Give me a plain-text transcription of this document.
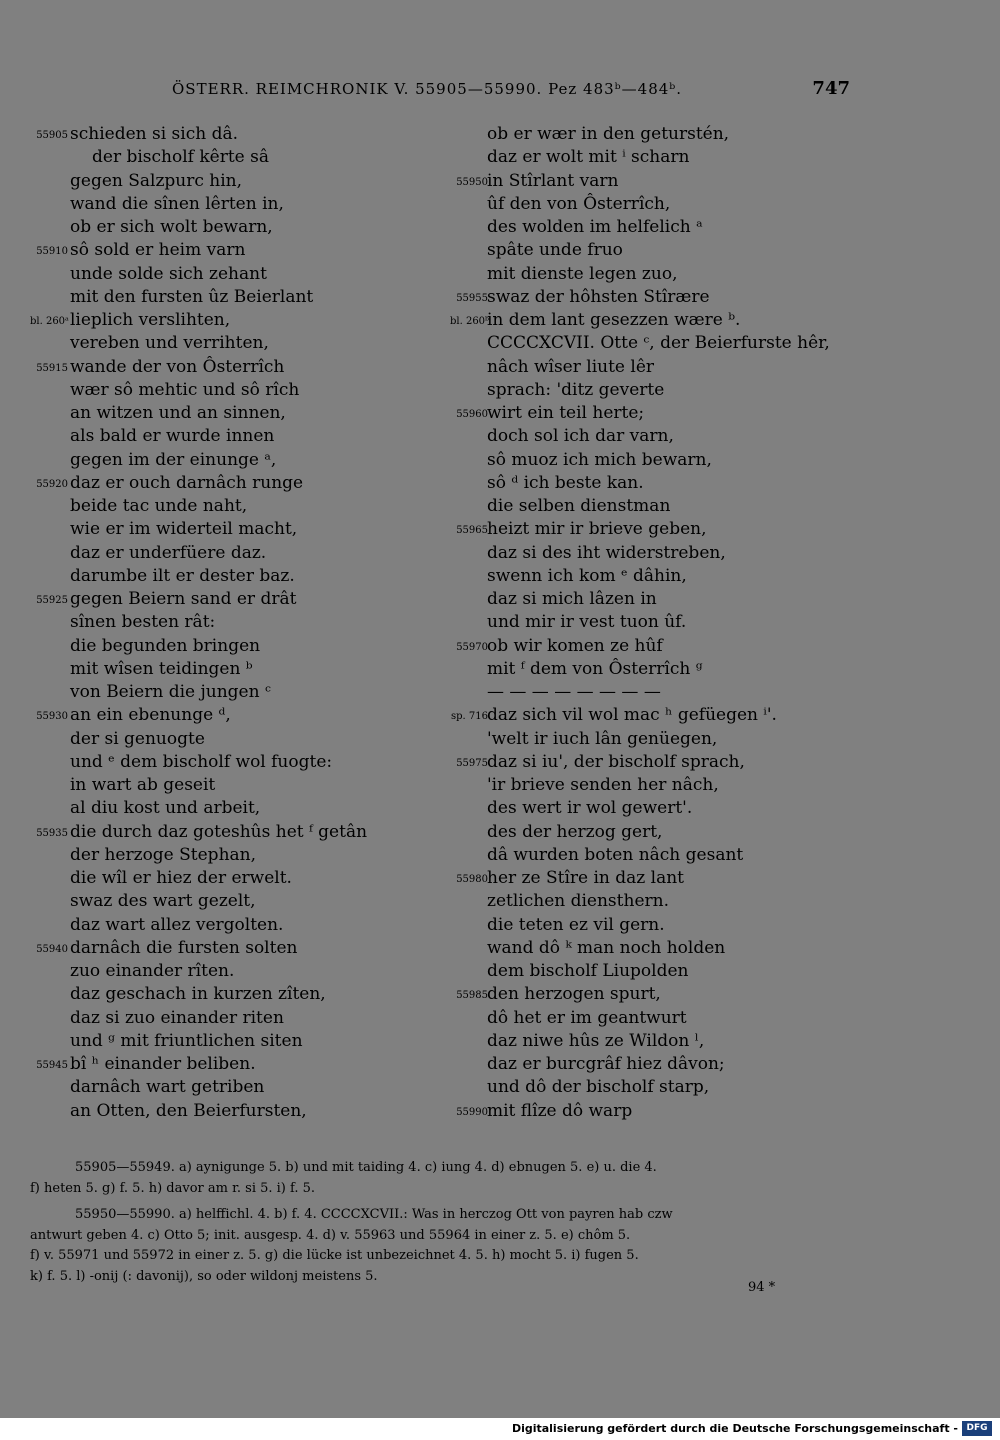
ÖSTERR. REIMCHRONIK V. 55905—55990. Pez 483ᵇ—484ᵇ.	747
55905 schieden si sich dâ.
der bischolf kêrte sâ
gegen Salzpurc hin,
wand die sînen lêrten in,
ob er sich wolt bewarn,
55910 sô sold er heim varn
unde solde sich zehant
mit den fursten ûz Beierlant
bl. 260ᵃ lieplich verslihten,
vereben und verrihten,
55915 wande der von Ôsterrîch
wær sô mehtic und sô rîch
an witzen und an sinnen,
als bald er wurde innen
gegen im der einunge ᵃ,
55920 daz er ouch darnâch runge
beide tac unde naht,
wie er im widerteil macht,
daz er underfüere daz.
darumbe ilt er dester baz.
55925 gegen Beiern sand er drât
sînen besten rât:
die begunden bringen
mit wîsen teidingen ᵇ
von Beiern die jungen ᶜ
55930 an ein ebenunge ᵈ,
der si genuogte
und ᵉ dem bischolf wol fuogte:
in wart ab geseit
al diu kost und arbeit,
55935 die durch daz goteshûs het ᶠ getân
der herzoge Stephan,
die wîl er hiez der erwelt.
swaz des wart gezelt,
daz wart allez vergolten.
55940 darnâch die fursten solten
zuo einander rîten.
daz geschach in kurzen zîten,
daz si zuo einander riten
und ᵍ mit friuntlichen siten
55945 bî ʰ einander beliben.
darnâch wart getriben
an Otten, den Beierfursten,
ob er wær in den geturstén,
daz er wolt mit ⁱ scharn
55950 in Stîrlant varn
ûf den von Ôsterrîch,
des wolden im helfelich ᵃ
spâte unde fruo
mit dienste legen zuo,
55955 swaz der hôhsten Stîrære
bl. 260ᵇ
in dem lant gesezzen wære ᵇ.
CCCCXCVII. Otte ᶜ, der Beierfurste hêr,
nâch wîser liute lêr
sprach: 'ditz geverte
55960 wirt ein teil herte;
doch sol ich dar varn,
sô muoz ich mich bewarn,
sô ᵈ ich beste kan.
die selben dienstman
55965 heizt mir ir brieve geben,
daz si des iht widerstreben,
swenn ich kom ᵉ dâhin,
daz si mich lâzen in
und mir ir vest tuon ûf.
55970 ob wir komen ze hûf
mit ᶠ dem von Ôsterrîch ᵍ
— — — — — — — —
sp. 716 daz sich vil wol mac ʰ gefüegen ⁱ'.
'welt ir iuch lân genüegen,
55975 daz si iu', der bischolf sprach,
'ir brieve senden her nâch,
des wert ir wol gewert'.
des der herzog gert,
dâ wurden boten nâch gesant
55980 her ze Stîre in daz lant
zetlichen diensthern.
die teten ez vil gern.
wand dô ᵏ man noch holden
dem bischolf Liupolden
55985 den herzogen spurt,
dô het er im geantwurt
daz niwe hûs ze Wildon ˡ,
daz er burcgrâf hiez dâvon;
und dô der bischolf starp,
55990 mit flîze dô warp
55905—55949. a) aynigunge 5. b) und mit taiding 4. c) iung 4. d) ebnugen 5. e) u. die 4.
f) heten 5. g) f. 5. h) davor am r. si 5. i) f. 5.
55950—55990. a) helffichl. 4. b) f. 4. CCCCXCVII.: Was in herczog Ott von payren hab czw
antwurt geben 4. c) Otto 5; init. ausgesp. 4. d) v. 55963 und 55964 in einer z. 5. e) chôm 5.
f) v. 55971 und 55972 in einer z. 5. g) die lücke ist unbezeichnet 4. 5. h) mocht 5. i) fugen 5.
k) f. 5. l) -onij (: davonij), so oder wildonj meistens 5.
94 *
Digitalisierung gefördert durch die Deutsche Forschungsgemeinschaft - DFG
